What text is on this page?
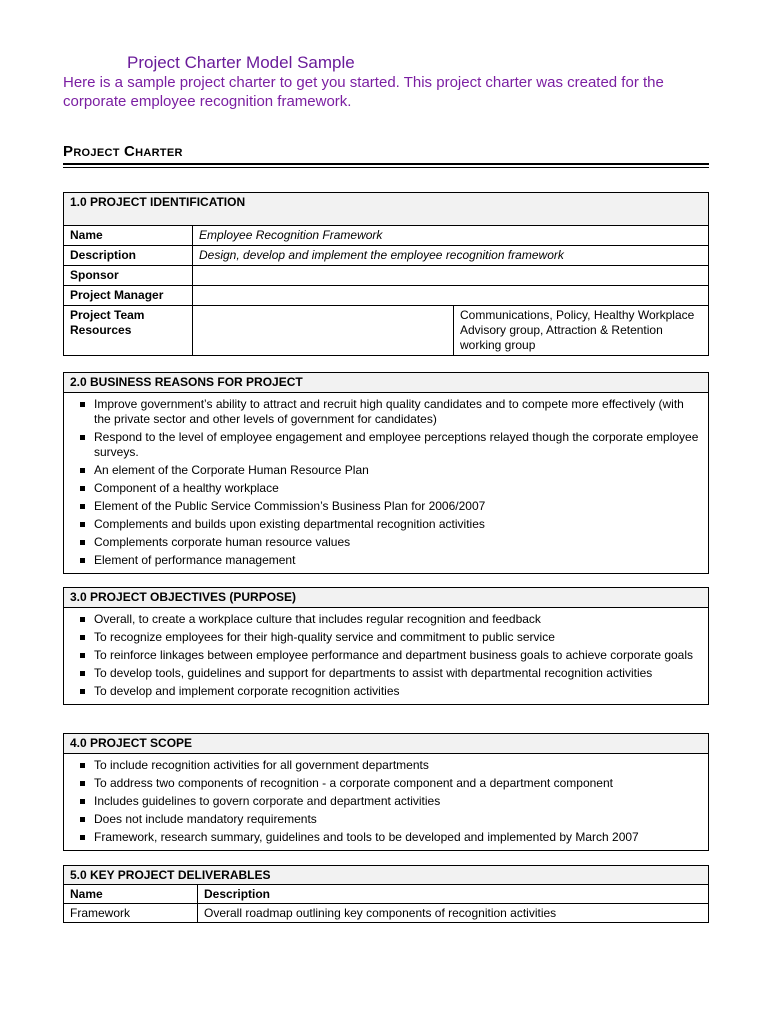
Project Charter Model Sample
Here is a sample project charter to get you started. This project charter was created for the corporate employee recognition framework.
PROJECT CHARTER
1.0 PROJECT IDENTIFICATION		
Name	Employee Recognition Framework	
Description	Design, develop and implement the employee recognition framework	
Sponsor		
Project Manager		
Project Team Resources		Communications, Policy, Healthy Workplace Advisory group, Attraction & Retention working group
2.0 BUSINESS REASONS FOR PROJECT

Improve government’s ability to attract and recruit high quality candidates and to compete more effectively (with the private sector and other levels of government for candidates)
Respond to the level of employee engagement and employee perceptions relayed though the corporate employee surveys.
An element of the Corporate Human Resource Plan
Component of a healthy workplace
Element of the Public Service Commission’s Business Plan for 2006/2007
Complements and builds upon existing departmental recognition activities
Complements corporate human resource values
Element of performance management
3.0 PROJECT OBJECTIVES (PURPOSE)

Overall, to create a workplace culture that includes regular recognition and feedback
To recognize employees for their high-quality service and commitment to public service
To reinforce linkages between employee performance and department business goals to achieve corporate goals
To develop tools, guidelines and support for departments to assist with departmental recognition activities
To develop and implement corporate recognition activities
4.0 PROJECT SCOPE

To include recognition activities for all government departments
To address two components of recognition - a corporate component and a department component
Includes guidelines to govern corporate and department activities
Does not include mandatory requirements
Framework, research summary, guidelines and tools to be developed and implemented by March 2007
5.0 KEY PROJECT DELIVERABLES	
Name	Description
Framework	Overall roadmap outlining key components of recognition activities
